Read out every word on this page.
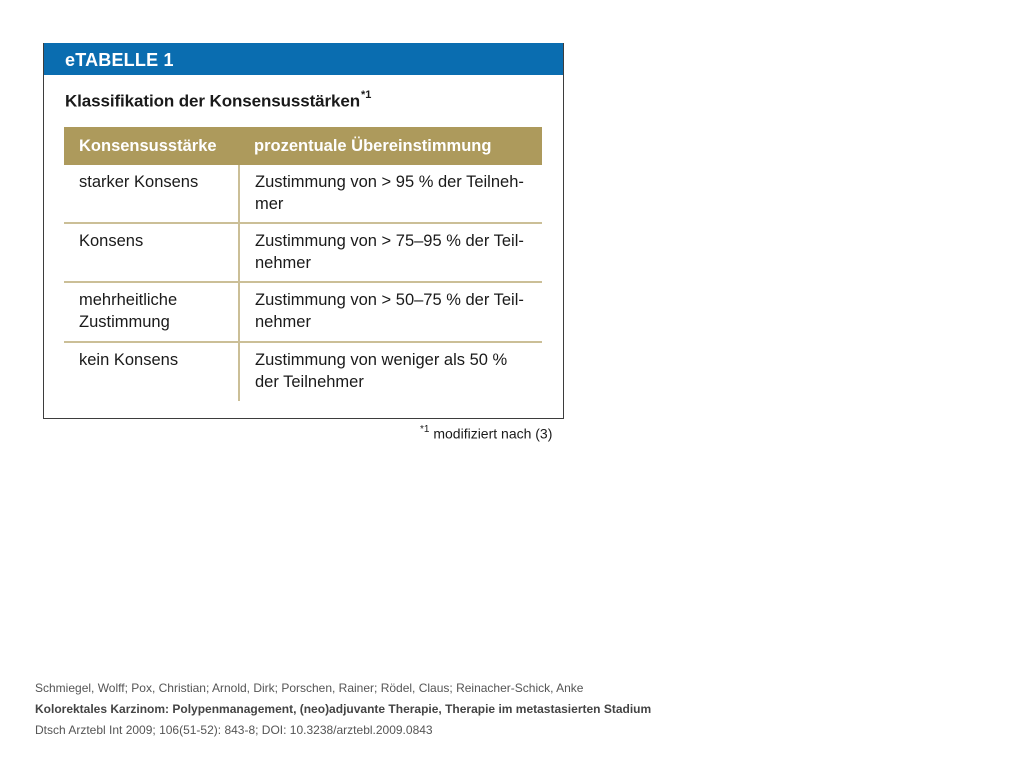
eTABELLE 1
Klassifikation der Konsensusstärken$^{*1}$
Konsensusstärke	prozentuale Übereinstimmung
starker Konsens	Zustimmung von > 95 % der Teilneh-mer
Konsens	Zustimmung von > 75–95 % der Teil-nehmer
mehrheitliche Zustimmung	Zustimmung von > 50–75 % der Teil-nehmer
kein Konsens	Zustimmung von weniger als 50 % der Teilnehmer
$^{*1}$ modifiziert nach (3)
Schmiegel, Wolff; Pox, Christian; Arnold, Dirk; Porschen, Rainer; Rödel, Claus; Reinacher-Schick, Anke
Kolorektales Karzinom: Polypenmanagement, (neo)adjuvante Therapie, Therapie im metastasierten Stadium
Dtsch Arztebl Int 2009; 106(51-52): 843-8; DOI: 10.3238/arztebl.2009.0843
